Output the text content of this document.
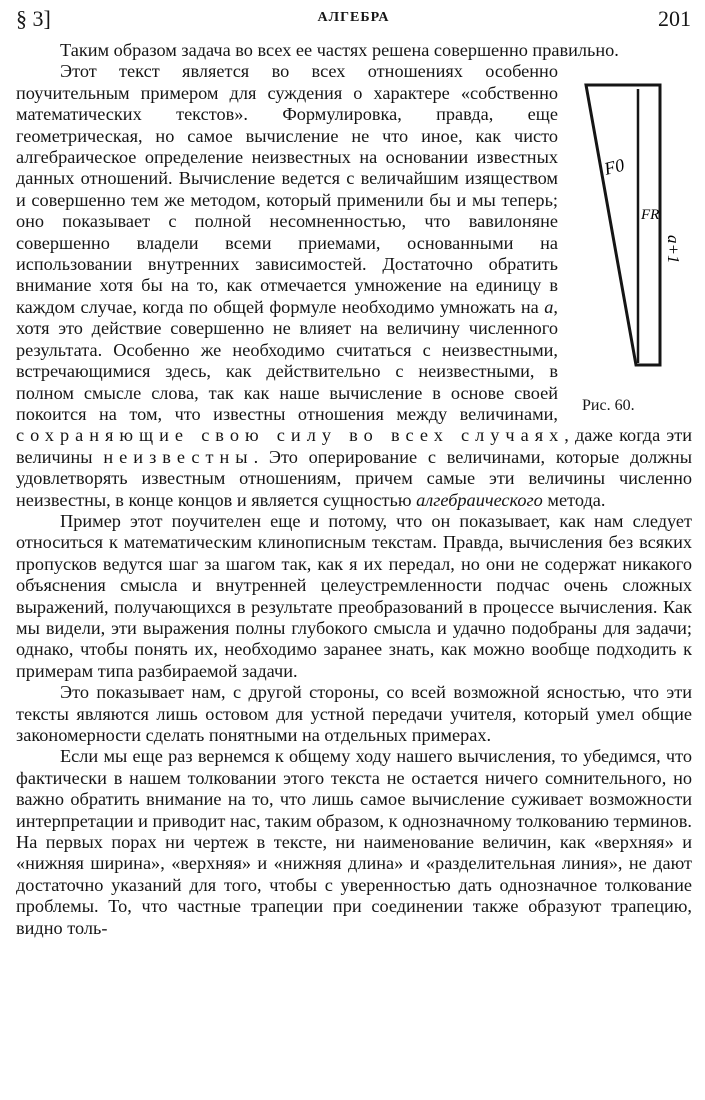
§ 3]	АЛГЕБРА	201

Таким образом задача во всех ее частях решена совершенно правильно.

F0
FR
a+1
Рис. 60.

Этот текст является во всех отношениях особенно поучительным примером для суждения о характере «собственно математических текстов». Формулировка, правда, еще геометрическая, но самое вычисление не что иное, как чисто алгебраическое определение неизвестных на основании известных данных отношений. Вычисление ведется с величайшим изяществом и совершенно тем же методом, который применили бы и мы теперь; оно показывает с полной несомненностью, что вавилоняне совершенно владели всеми приемами, основанными на использовании внутренних зависимостей. Достаточно обратить внимание хотя бы на то, как отмечается умножение на единицу в каждом случае, когда по общей формуле необходимо умножать на a, хотя это действие совершенно не влияет на величину численного результата. Особенно же необходимо считаться с неизвестными, встречающимися здесь, как действительно с неизвестными, в полном смысле слова, так как наше вычисление в основе своей покоится на том, что известны отношения между величинами, сохраняющие свою силу во всех случаях, даже когда эти величины неизвестны. Это оперирование с величинами, которые должны удовлетворять известным отношениям, причем самые эти величины численно неизвестны, в конце концов и является сущностью алгебраического метода.

Пример этот поучителен еще и потому, что он показывает, как нам следует относиться к математическим клинописным текстам. Правда, вычисления без всяких пропусков ведутся шаг за шагом так, как я их передал, но они не содержат никакого объяснения смысла и внутренней целеустремленности подчас очень сложных выражений, получающихся в результате преобразований в процессе вычисления. Как мы видели, эти выражения полны глубокого смысла и удачно подобраны для задачи; однако, чтобы понять их, необходимо заранее знать, как можно вообще подходить к примерам типа разбираемой задачи.

Это показывает нам, с другой стороны, со всей возможной ясностью, что эти тексты являются лишь остовом для устной передачи учителя, который умел общие закономерности сделать понятными на отдельных примерах.

Если мы еще раз вернемся к общему ходу нашего вычисления, то убедимся, что фактически в нашем толковании этого текста не остается ничего сомнительного, но важно обратить внимание на то, что лишь самое вычисление суживает возможности интерпретации и приводит нас, таким образом, к однозначному толкованию терминов. На первых порах ни чертеж в тексте, ни наименование величин, как «верхняя» и «нижняя ширина», «верхняя» и «нижняя длина» и «разделительная линия», не дают достаточно указаний для того, чтобы с уверенностью дать однозначное толкование проблемы. То, что частные трапеции при соединении также образуют трапецию, видно толь-
